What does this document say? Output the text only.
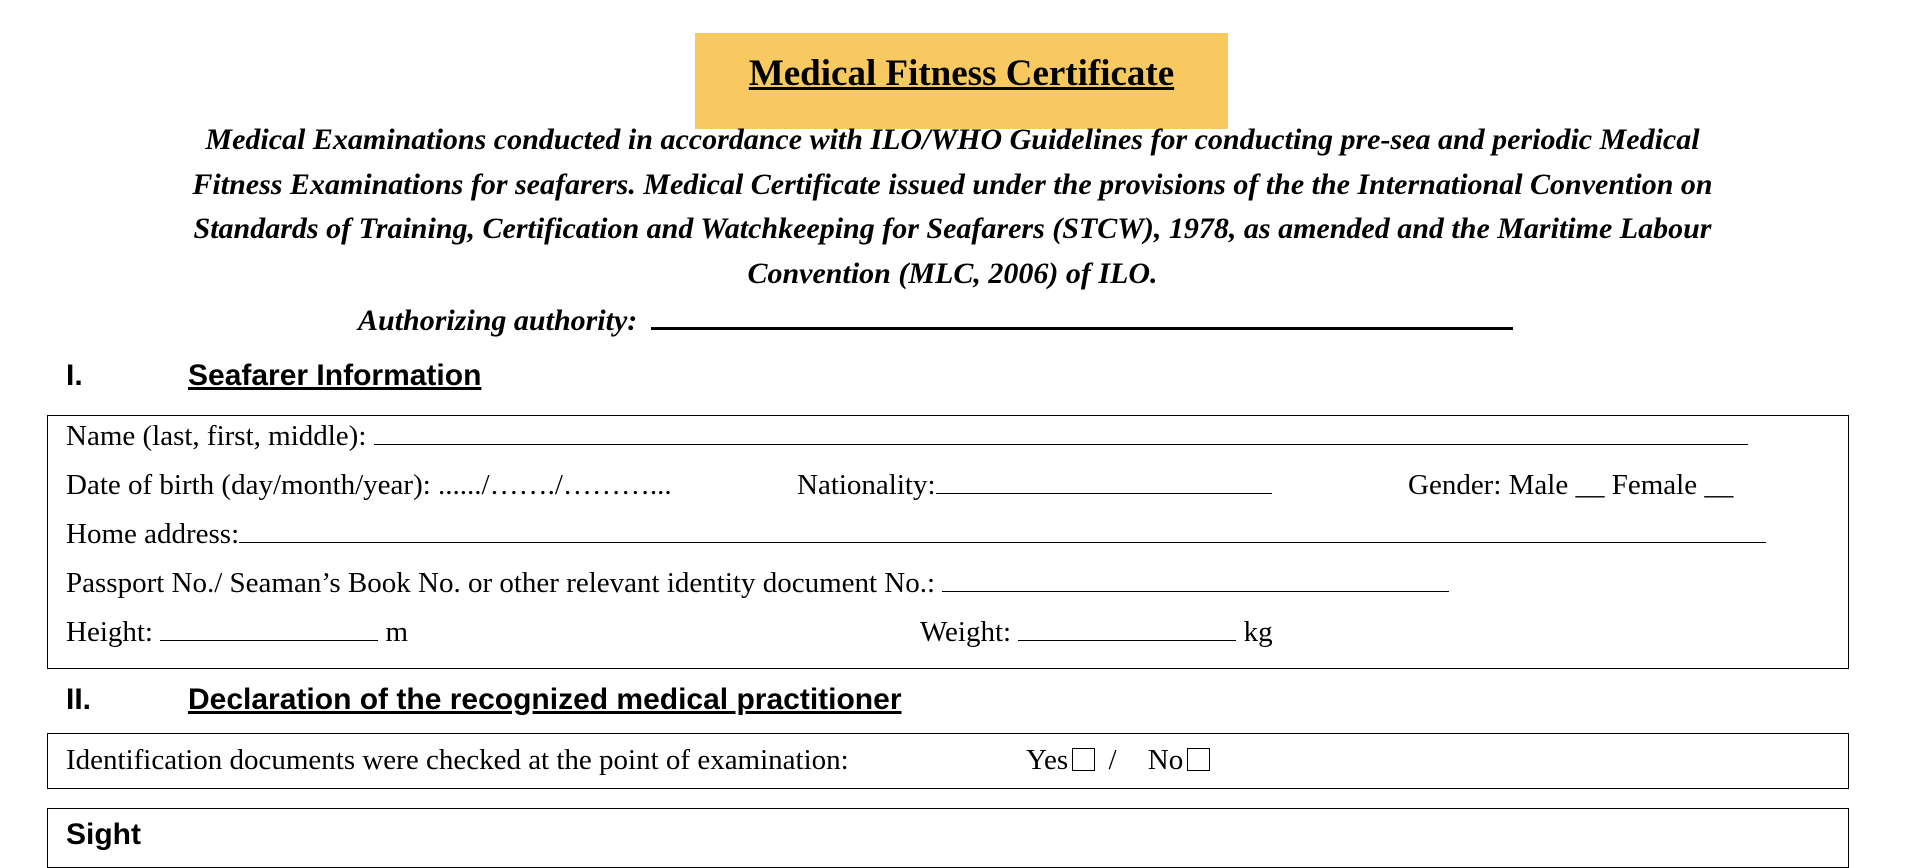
Medical Fitness Certificate

Medical Examinations conducted in accordance with ILO/WHO Guidelines for conducting pre-sea and periodic Medical

Fitness Examinations for seafarers. Medical Certificate issued under the provisions of the the International Convention on

Standards of Training, Certification and Watchkeeping for Seafarers (STCW), 1978, as amended and the Maritime Labour

Convention (MLC, 2006) of ILO.

Authorizing authority:
I.	Seafarer Information
Name (last, first, middle):
Date of birth (day/month/year): ....../……./………...	Nationality:	Gender: Male __ Female __
Home address:
Passport No./ Seaman’s Book No. or other relevant identity document No.:
Height:	m	Weight:	kg
II.	Declaration of the recognized medical practitioner
Identification documents were checked at the point of examination:	Yes / No
Sight
